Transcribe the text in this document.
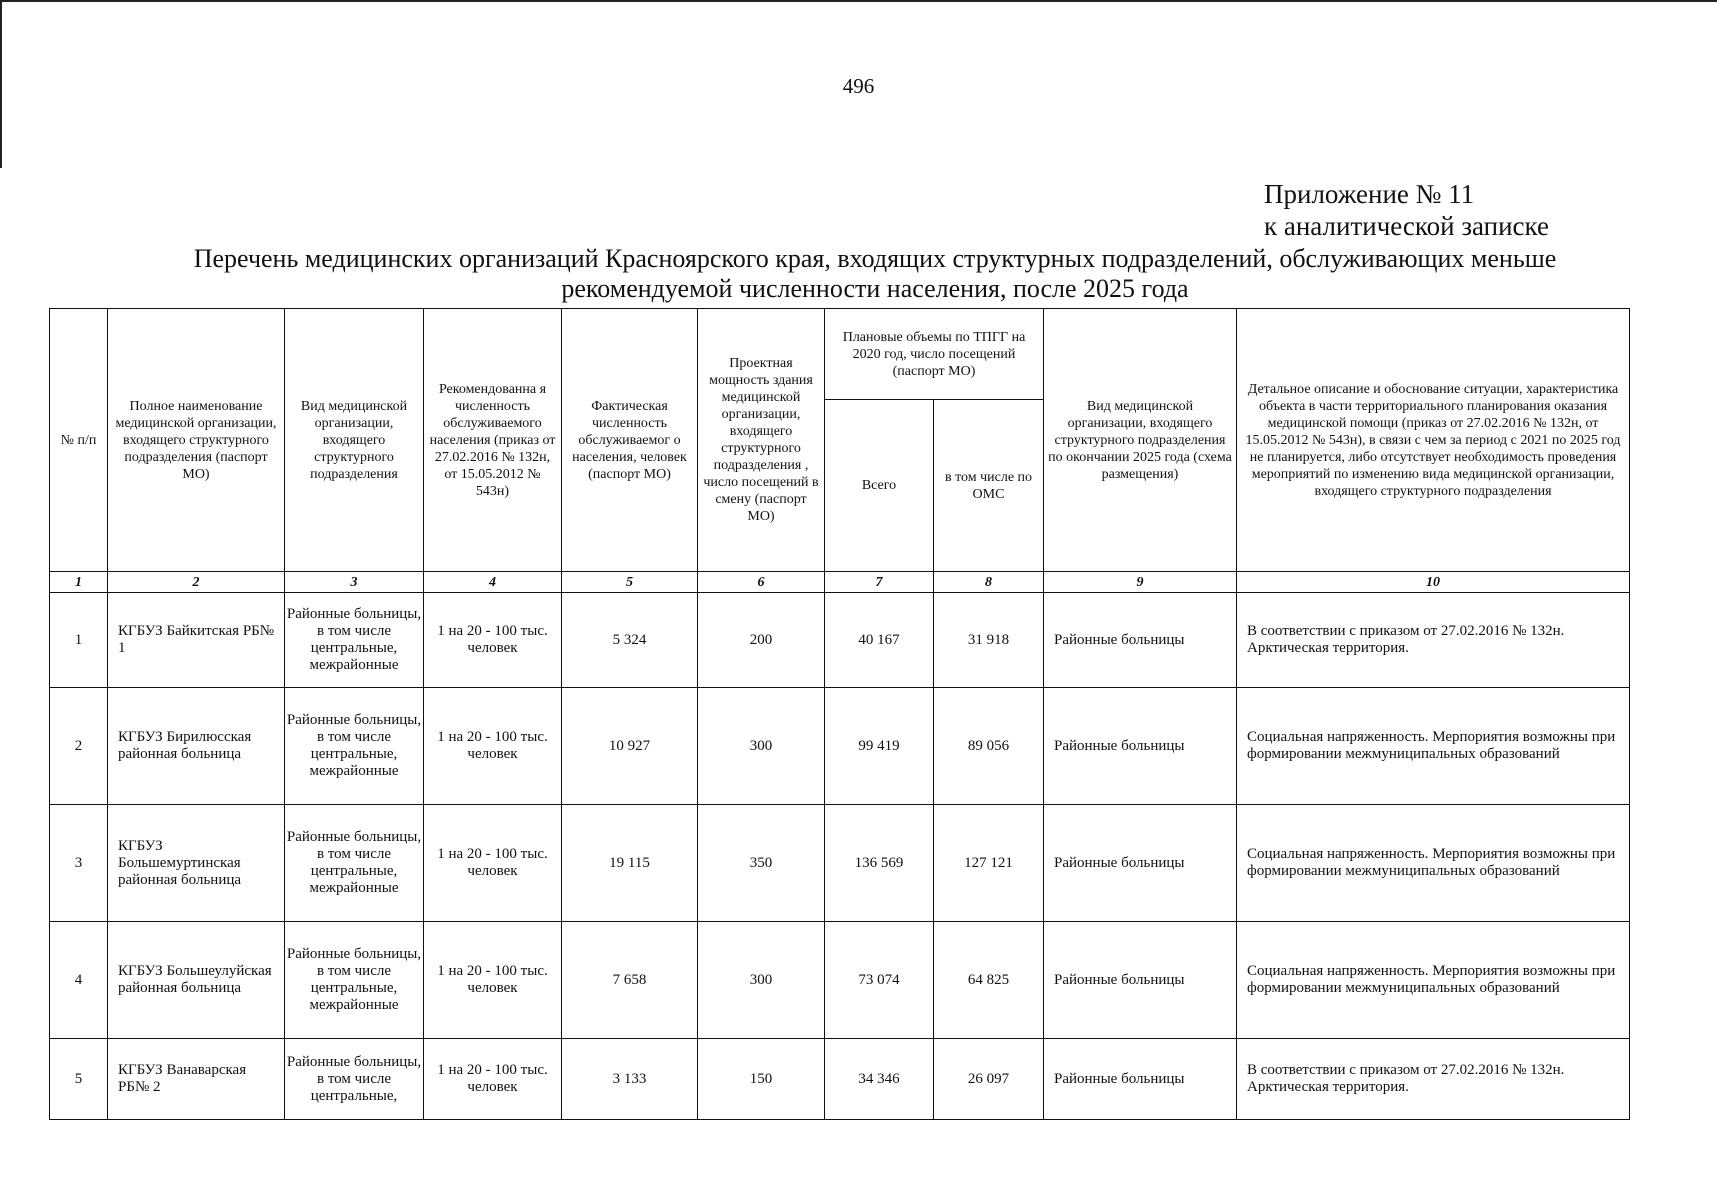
496
Приложение № 11
к аналитической записке
Перечень медицинских организаций Красноярского края, входящих структурных подразделений, обслуживающих меньше рекомендуемой численности населения, после 2025 года
№ п/п	Полное наименование медицинской организации, входящего структурного подразделения (паспорт МО)	Вид медицинской организации, входящего структурного подразделения	Рекомендованна я численность обслуживаемого населения (приказ от 27.02.2016 № 132н, от 15.05.2012 № 543н)	Фактическая численность обслуживаемог о населения, человек (паспорт МО)	Проектная мощность здания медицинской организации, входящего структурного подразделения , число посещений в смену (паспорт МО)	Плановые объемы по ТПГГ на 2020 год, число посещений (паспорт МО)		Вид медицинской организации, входящего структурного подразделения по окончании 2025 года (схема размещения)	Детальное описание и обоснование ситуации, характеристика объекта в части территориального планирования оказания медицинской помощи (приказ от 27.02.2016 № 132н, от 15.05.2012 № 543н), в связи с чем за период с 2021 по 2025 год не планируется, либо отсутствует необходимость проведения мероприятий по изменению вида медицинской организации, входящего структурного подразделения
						Всего	в том числе по ОМС		
1	2	3	4	5	6	7	8	9	10
1	КГБУЗ Байкитская РБ№ 1	Районные больницы, в том числе центральные, межрайонные	1 на 20 - 100 тыс. человек	5 324	200	40 167	31 918	Районные больницы	В соответствии с приказом от 27.02.2016 № 132н. Арктическая территория.
2	КГБУЗ Бирилюсская районная больница	Районные больницы, в том числе центральные, межрайонные	1 на 20 - 100 тыс. человек	10 927	300	99 419	89 056	Районные больницы	Социальная напряженность. Мерпориятия возможны при формировании межмуниципальных образований
3	КГБУЗ Большемуртинская районная больница	Районные больницы, в том числе центральные, межрайонные	1 на 20 - 100 тыс. человек	19 115	350	136 569	127 121	Районные больницы	Социальная напряженность. Мерпориятия возможны при формировании межмуниципальных образований
4	КГБУЗ Большеулуйская районная больница	Районные больницы, в том числе центральные, межрайонные	1 на 20 - 100 тыс. человек	7 658	300	73 074	64 825	Районные больницы	Социальная напряженность. Мерпориятия возможны при формировании межмуниципальных образований
5	КГБУЗ Ванаварская РБ№ 2	Районные больницы, в том числе центральные,	1 на 20 - 100 тыс. человек	3 133	150	34 346	26 097	Районные больницы	В соответствии с приказом от 27.02.2016 № 132н. Арктическая территория.
